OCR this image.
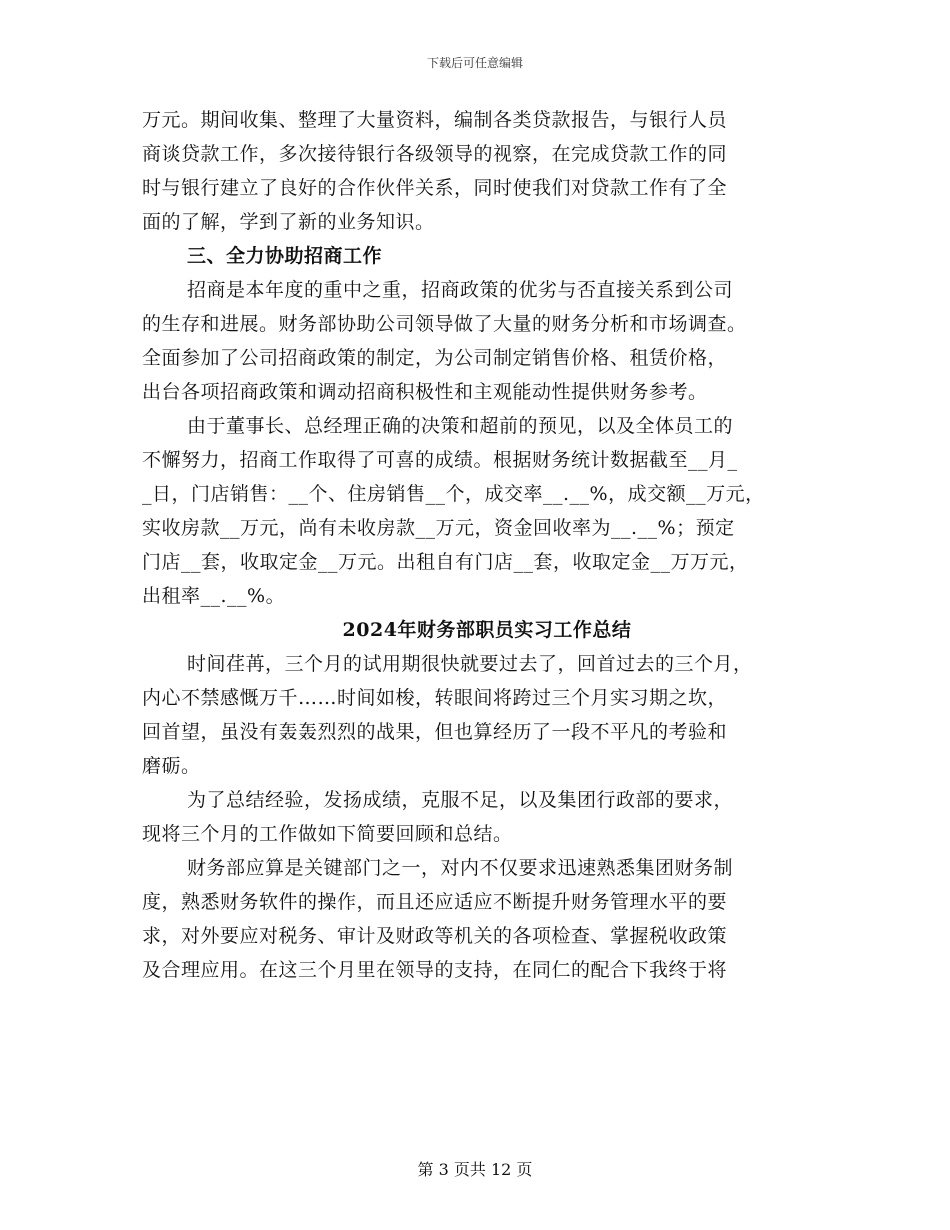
下载后可任意编辑
万元。期间收集、整理了大量资料，编制各类贷款报告，与银行人员
商谈贷款工作，多次接待银行各级领导的视察，在完成贷款工作的同
时与银行建立了良好的合作伙伴关系，同时使我们对贷款工作有了全
面的了解，学到了新的业务知识。
三、全力协助招商工作
招商是本年度的重中之重，招商政策的优劣与否直接关系到公司
的生存和进展。财务部协助公司领导做了大量的财务分析和市场调查。
全面参加了公司招商政策的制定，为公司制定销售价格、租赁价格，
出台各项招商政策和调动招商积极性和主观能动性提供财务参考。
由于董事长、总经理正确的决策和超前的预见，以及全体员工的
不懈努力，招商工作取得了可喜的成绩。根据财务统计数据截至__月_
_日，门店销售：__个、住房销售__个，成交率__.__%，成交额__万元，
实收房款__万元，尚有未收房款__万元，资金回收率为__.__%；预定
门店__套，收取定金__万元。出租自有门店__套，收取定金__万万元，
出租率__.__%。
2024年财务部职员实习工作总结
时间荏苒，三个月的试用期很快就要过去了，回首过去的三个月，
内心不禁感慨万千……时间如梭，转眼间将跨过三个月实习期之坎，
回首望，虽没有轰轰烈烈的战果，但也算经历了一段不平凡的考验和
磨砺。
为了总结经验，发扬成绩，克服不足，以及集团行政部的要求，
现将三个月的工作做如下简要回顾和总结。
财务部应算是关键部门之一，对内不仅要求迅速熟悉集团财务制
度，熟悉财务软件的操作，而且还应适应不断提升财务管理水平的要
求，对外要应对税务、审计及财政等机关的各项检查、掌握税收政策
及合理应用。在这三个月里在领导的支持，在同仁的配合下我终于将
第 3 页共 12 页
